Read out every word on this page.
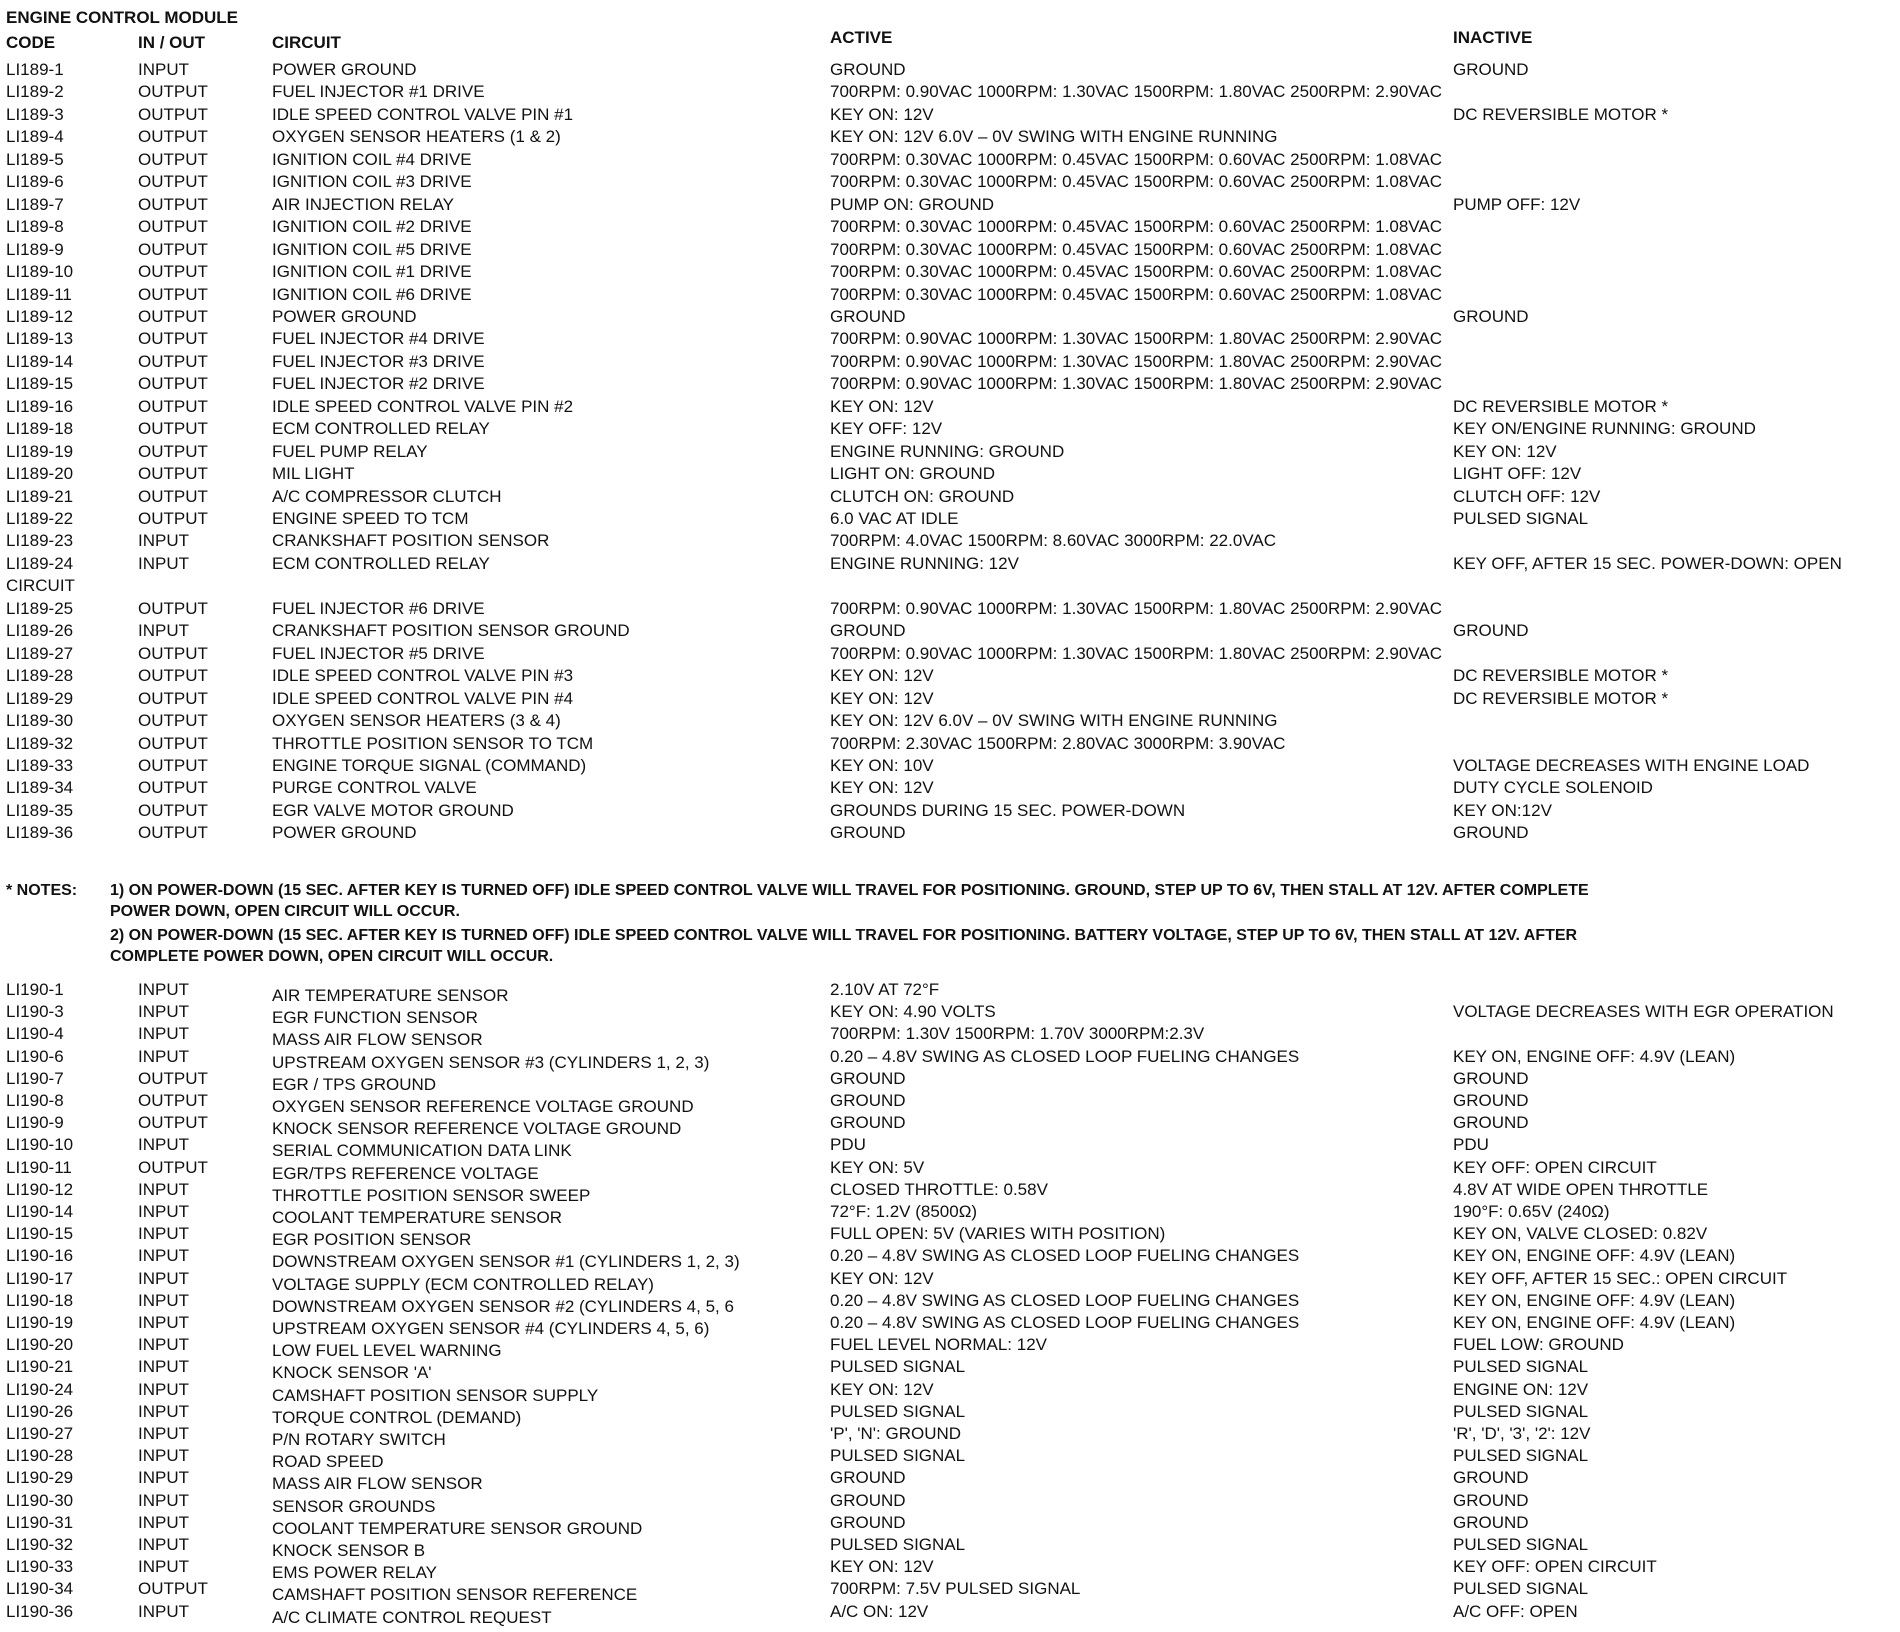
ENGINE CONTROL MODULE
CODE	IN / OUT	CIRCUIT	ACTIVE	INACTIVE
LI189-1	INPUT	POWER GROUND	GROUND	GROUND
LI189-2	OUTPUT	FUEL INJECTOR #1 DRIVE	700RPM: 0.90VAC 1000RPM: 1.30VAC 1500RPM: 1.80VAC 2500RPM: 2.90VAC
LI189-3	OUTPUT	IDLE SPEED CONTROL VALVE PIN #1	KEY ON: 12V	DC REVERSIBLE MOTOR *
LI189-4	OUTPUT	OXYGEN SENSOR HEATERS (1 & 2)	KEY ON: 12V 6.0V – 0V SWING WITH ENGINE RUNNING
LI189-5	OUTPUT	IGNITION COIL #4 DRIVE	700RPM: 0.30VAC 1000RPM: 0.45VAC 1500RPM: 0.60VAC 2500RPM: 1.08VAC
LI189-6	OUTPUT	IGNITION COIL #3 DRIVE	700RPM: 0.30VAC 1000RPM: 0.45VAC 1500RPM: 0.60VAC 2500RPM: 1.08VAC
LI189-7	OUTPUT	AIR INJECTION RELAY	PUMP ON: GROUND	PUMP OFF: 12V
LI189-8	OUTPUT	IGNITION COIL #2 DRIVE	700RPM: 0.30VAC 1000RPM: 0.45VAC 1500RPM: 0.60VAC 2500RPM: 1.08VAC
LI189-9	OUTPUT	IGNITION COIL #5 DRIVE	700RPM: 0.30VAC 1000RPM: 0.45VAC 1500RPM: 0.60VAC 2500RPM: 1.08VAC
LI189-10	OUTPUT	IGNITION COIL #1 DRIVE	700RPM: 0.30VAC 1000RPM: 0.45VAC 1500RPM: 0.60VAC 2500RPM: 1.08VAC
LI189-11	OUTPUT	IGNITION COIL #6 DRIVE	700RPM: 0.30VAC 1000RPM: 0.45VAC 1500RPM: 0.60VAC 2500RPM: 1.08VAC
LI189-12	OUTPUT	POWER GROUND	GROUND	GROUND
LI189-13	OUTPUT	FUEL INJECTOR #4 DRIVE	700RPM: 0.90VAC 1000RPM: 1.30VAC 1500RPM: 1.80VAC 2500RPM: 2.90VAC
LI189-14	OUTPUT	FUEL INJECTOR #3 DRIVE	700RPM: 0.90VAC 1000RPM: 1.30VAC 1500RPM: 1.80VAC 2500RPM: 2.90VAC
LI189-15	OUTPUT	FUEL INJECTOR #2 DRIVE	700RPM: 0.90VAC 1000RPM: 1.30VAC 1500RPM: 1.80VAC 2500RPM: 2.90VAC
LI189-16	OUTPUT	IDLE SPEED CONTROL VALVE PIN #2	KEY ON: 12V	DC REVERSIBLE MOTOR *
LI189-18	OUTPUT	ECM CONTROLLED RELAY	KEY OFF: 12V	KEY ON/ENGINE RUNNING: GROUND
LI189-19	OUTPUT	FUEL PUMP RELAY	ENGINE RUNNING: GROUND	KEY ON: 12V
LI189-20	OUTPUT	MIL LIGHT	LIGHT ON: GROUND	LIGHT OFF: 12V
LI189-21	OUTPUT	A/C COMPRESSOR CLUTCH	CLUTCH ON: GROUND	CLUTCH OFF: 12V
LI189-22	OUTPUT	ENGINE SPEED TO TCM	6.0 VAC AT IDLE	PULSED SIGNAL
LI189-23	INPUT	CRANKSHAFT POSITION SENSOR	700RPM: 4.0VAC 1500RPM: 8.60VAC 3000RPM: 22.0VAC
LI189-24	INPUT	ECM CONTROLLED RELAY	ENGINE RUNNING: 12V	KEY OFF, AFTER 15 SEC. POWER-DOWN: OPEN
CIRCUIT
LI189-25	OUTPUT	FUEL INJECTOR #6 DRIVE	700RPM: 0.90VAC 1000RPM: 1.30VAC 1500RPM: 1.80VAC 2500RPM: 2.90VAC
LI189-26	INPUT	CRANKSHAFT POSITION SENSOR GROUND	GROUND	GROUND
LI189-27	OUTPUT	FUEL INJECTOR #5 DRIVE	700RPM: 0.90VAC 1000RPM: 1.30VAC 1500RPM: 1.80VAC 2500RPM: 2.90VAC
LI189-28	OUTPUT	IDLE SPEED CONTROL VALVE PIN #3	KEY ON: 12V	DC REVERSIBLE MOTOR *
LI189-29	OUTPUT	IDLE SPEED CONTROL VALVE PIN #4	KEY ON: 12V	DC REVERSIBLE MOTOR *
LI189-30	OUTPUT	OXYGEN SENSOR HEATERS (3 & 4)	KEY ON: 12V 6.0V – 0V SWING WITH ENGINE RUNNING
LI189-32	OUTPUT	THROTTLE POSITION SENSOR TO TCM	700RPM: 2.30VAC 1500RPM: 2.80VAC 3000RPM: 3.90VAC
LI189-33	OUTPUT	ENGINE TORQUE SIGNAL (COMMAND)	KEY ON: 10V	VOLTAGE DECREASES WITH ENGINE LOAD
LI189-34	OUTPUT	PURGE CONTROL VALVE	KEY ON: 12V	DUTY CYCLE SOLENOID
LI189-35	OUTPUT	EGR VALVE MOTOR GROUND	GROUNDS DURING 15 SEC. POWER-DOWN	KEY ON:12V
LI189-36	OUTPUT	POWER GROUND	GROUND	GROUND
* NOTES: 1) ON POWER-DOWN (15 SEC. AFTER KEY IS TURNED OFF) IDLE SPEED CONTROL VALVE WILL TRAVEL FOR POSITIONING. GROUND, STEP UP TO 6V, THEN STALL AT 12V. AFTER COMPLETE
POWER DOWN, OPEN CIRCUIT WILL OCCUR.
2) ON POWER-DOWN (15 SEC. AFTER KEY IS TURNED OFF) IDLE SPEED CONTROL VALVE WILL TRAVEL FOR POSITIONING. BATTERY VOLTAGE, STEP UP TO 6V, THEN STALL AT 12V. AFTER
COMPLETE POWER DOWN, OPEN CIRCUIT WILL OCCUR.
LI190-1	INPUT	AIR TEMPERATURE SENSOR	2.10V AT 72°F
LI190-3	INPUT	EGR FUNCTION SENSOR	KEY ON: 4.90 VOLTS	VOLTAGE DECREASES WITH EGR OPERATION
LI190-4	INPUT	MASS AIR FLOW SENSOR	700RPM: 1.30V 1500RPM: 1.70V 3000RPM:2.3V
LI190-6	INPUT	UPSTREAM OXYGEN SENSOR #3 (CYLINDERS 1, 2, 3)	0.20 – 4.8V SWING AS CLOSED LOOP FUELING CHANGES	KEY ON, ENGINE OFF: 4.9V (LEAN)
LI190-7	OUTPUT	EGR / TPS GROUND	GROUND	GROUND
LI190-8	OUTPUT	OXYGEN SENSOR REFERENCE VOLTAGE GROUND	GROUND	GROUND
LI190-9	OUTPUT	KNOCK SENSOR REFERENCE VOLTAGE GROUND	GROUND	GROUND
LI190-10	INPUT	SERIAL COMMUNICATION DATA LINK	PDU	PDU
LI190-11	OUTPUT	EGR/TPS REFERENCE VOLTAGE	KEY ON: 5V	KEY OFF: OPEN CIRCUIT
LI190-12	INPUT	THROTTLE POSITION SENSOR SWEEP	CLOSED THROTTLE: 0.58V	4.8V AT WIDE OPEN THROTTLE
LI190-14	INPUT	COOLANT TEMPERATURE SENSOR	72°F: 1.2V (8500Ω)	190°F: 0.65V (240Ω)
LI190-15	INPUT	EGR POSITION SENSOR	FULL OPEN: 5V (VARIES WITH POSITION)	KEY ON, VALVE CLOSED: 0.82V
LI190-16	INPUT	DOWNSTREAM OXYGEN SENSOR #1 (CYLINDERS 1, 2, 3)	0.20 – 4.8V SWING AS CLOSED LOOP FUELING CHANGES	KEY ON, ENGINE OFF: 4.9V (LEAN)
LI190-17	INPUT	VOLTAGE SUPPLY (ECM CONTROLLED RELAY)	KEY ON: 12V	KEY OFF, AFTER 15 SEC.: OPEN CIRCUIT
LI190-18	INPUT	DOWNSTREAM OXYGEN SENSOR #2 (CYLINDERS 4, 5, 6	0.20 – 4.8V SWING AS CLOSED LOOP FUELING CHANGES	KEY ON, ENGINE OFF: 4.9V (LEAN)
LI190-19	INPUT	UPSTREAM OXYGEN SENSOR #4 (CYLINDERS 4, 5, 6)	0.20 – 4.8V SWING AS CLOSED LOOP FUELING CHANGES	KEY ON, ENGINE OFF: 4.9V (LEAN)
LI190-20	INPUT	LOW FUEL LEVEL WARNING	FUEL LEVEL NORMAL: 12V	FUEL LOW: GROUND
LI190-21	INPUT	KNOCK SENSOR 'A'	PULSED SIGNAL	PULSED SIGNAL
LI190-24	INPUT	CAMSHAFT POSITION SENSOR SUPPLY	KEY ON: 12V	ENGINE ON: 12V
LI190-26	INPUT	TORQUE CONTROL (DEMAND)	PULSED SIGNAL	PULSED SIGNAL
LI190-27	INPUT	P/N ROTARY SWITCH	'P', 'N': GROUND	'R', 'D', '3', '2': 12V
LI190-28	INPUT	ROAD SPEED	PULSED SIGNAL	PULSED SIGNAL
LI190-29	INPUT	MASS AIR FLOW SENSOR	GROUND	GROUND
LI190-30	INPUT	SENSOR GROUNDS	GROUND	GROUND
LI190-31	INPUT	COOLANT TEMPERATURE SENSOR GROUND	GROUND	GROUND
LI190-32	INPUT	KNOCK SENSOR B	PULSED SIGNAL	PULSED SIGNAL
LI190-33	INPUT	EMS POWER RELAY	KEY ON: 12V	KEY OFF: OPEN CIRCUIT
LI190-34	OUTPUT	CAMSHAFT POSITION SENSOR REFERENCE	700RPM: 7.5V PULSED SIGNAL	PULSED SIGNAL
LI190-36	INPUT	A/C CLIMATE CONTROL REQUEST	A/C ON: 12V	A/C OFF: OPEN
